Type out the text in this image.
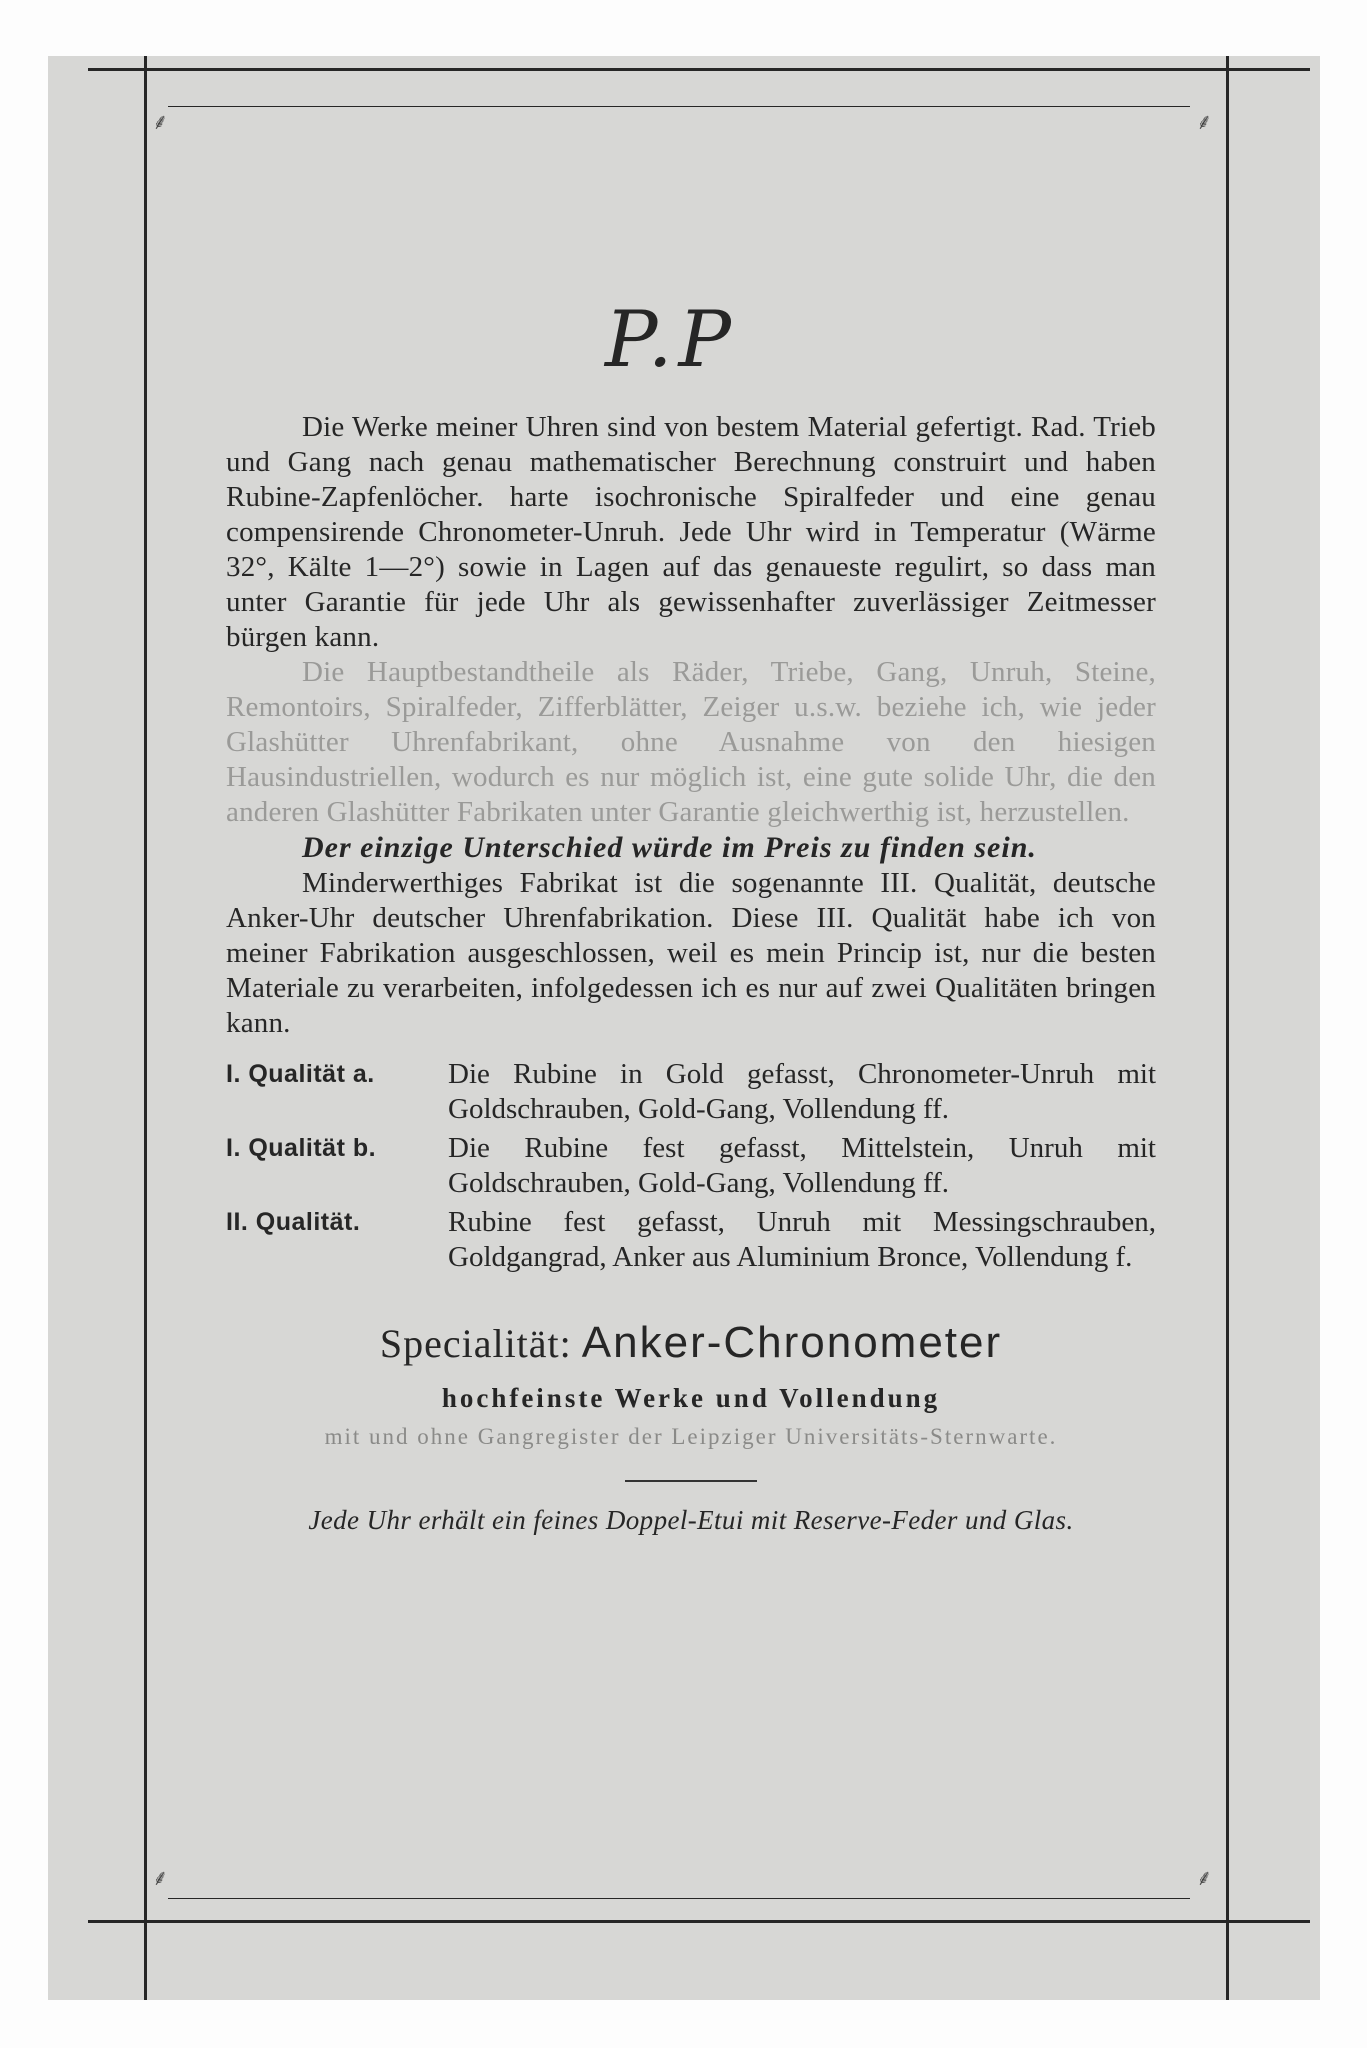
⸙	⸙
⸙	⸙
P.P

Die Werke meiner Uhren sind von bestem Material gefertigt. Rad. Trieb und Gang nach genau mathematischer Berechnung construirt und haben Rubine-Zapfenlöcher. harte isochronische Spiralfeder und eine genau compensirende Chronometer-Unruh. Jede Uhr wird in Temperatur (Wärme 32°, Kälte 1—2°) sowie in Lagen auf das genaueste regulirt, so dass man unter Garantie für jede Uhr als gewissenhafter zuverlässiger Zeitmesser bürgen kann.

Die Hauptbestandtheile als Räder, Triebe, Gang, Unruh, Steine, Remontoirs, Spiralfeder, Zifferblätter, Zeiger u.s.w. beziehe ich, wie jeder Glashütter Uhrenfabrikant, ohne Ausnahme von den hiesigen Hausindustriellen, wodurch es nur möglich ist, eine gute solide Uhr, die den anderen Glashütter Fabrikaten unter Garantie gleichwerthig ist, herzustellen.

Der einzige Unterschied würde im Preis zu finden sein.

Minderwerthiges Fabrikat ist die sogenannte III. Qualität, deutsche Anker-Uhr deutscher Uhrenfabrikation. Diese III. Qualität habe ich von meiner Fabrikation ausgeschlossen, weil es mein Princip ist, nur die besten Materiale zu verarbeiten, infolgedessen ich es nur auf zwei Qualitäten bringen kann.

I. Qualität a.	Die Rubine in Gold gefasst, Chronometer-Unruh mit Goldschrauben, Gold-Gang, Vollendung ff.
I. Qualität b.	Die Rubine fest gefasst, Mittelstein, Unruh mit Goldschrauben, Gold-Gang, Vollendung ff.
II. Qualität.	Rubine fest gefasst, Unruh mit Messingschrauben, Goldgangrad, Anker aus Aluminium Bronce, Vollendung f.
Specialität: Anker-Chronometer
hochfeinste Werke und Vollendung
mit und ohne Gangregister der Leipziger Universitäts-Sternwarte.
Jede Uhr erhält ein feines Doppel-Etui mit Reserve-Feder und Glas.
